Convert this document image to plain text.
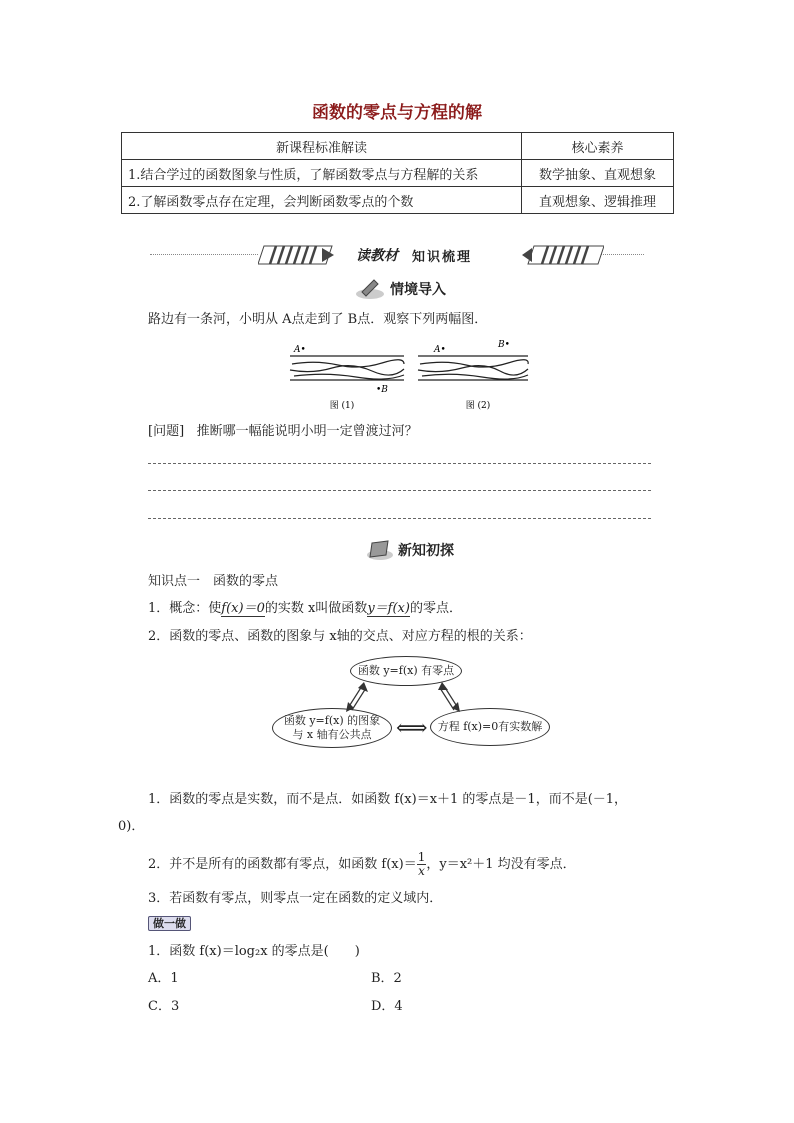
函数的零点与方程的解
新课程标准解读	核心素养
1.结合学过的函数图象与性质，了解函数零点与方程解的关系	数学抽象、直观想象
2.了解函数零点存在定理，会判断函数零点的个数	直观想象、逻辑推理
读教材 知识梳理
情境导入
路边有一条河，小明从 A点走到了 B点．观察下列两幅图．
A•
•B
A•	B•
图 (1)	图 (2)
[问题] 推断哪一幅能说明小明一定曾渡过河？
新知初探
知识点一　函数的零点
1．概念：使f(x)＝0的实数 x叫做函数y＝f(x)的零点．
2．函数的零点、函数的图象与 x轴的交点、对应方程的根的关系：
函数 y=f(x) 有零点
函数 y=f(x) 的图象
与 x 轴有公共点
方程 f(x)=0有实数解
⟺
1．函数的零点是实数，而不是点．如函数 f(x)＝x＋1 的零点是－1，而不是(－1，
0)．
2．并不是所有的函数都有零点，如函数 $f(x)= \frac{1}{x}$ ，y＝x²＋1 均没有零点．
3．若函数有零点，则零点一定在函数的定义域内．
做一做
1．函数 f(x)＝log₂x 的零点是(　　)
A．1	B．2
C．3	D．4
